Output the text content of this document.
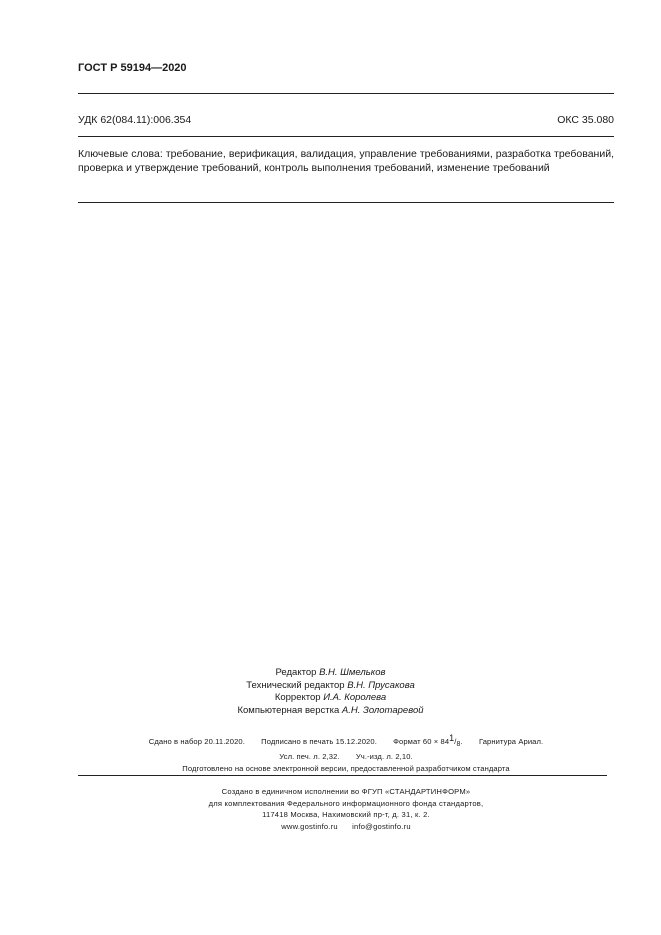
ГОСТ Р 59194—2020
УДК 62(084.11):006.354	ОКС 35.080
Ключевые слова: требование, верификация, валидация, управление требованиями, разработка требований, проверка и утверждение требований, контроль выполнения требований, изменение требований
Редактор В.Н. Шмельков
Технический редактор В.Н. Прусакова
Корректор И.А. Королева
Компьютерная верстка А.Н. Золотаревой
Сдано в набор 20.11.2020. Подписано в печать 15.12.2020. Формат $60 \times 84^1/_8$. Гарнитура Ариал.
Усл. печ. л. 2,32. Уч.-изд. л. 2,10.
Подготовлено на основе электронной версии, предоставленной разработчиком стандарта
Создано в единичном исполнении во ФГУП «СТАНДАРТИНФОРМ»
для комплектования Федерального информационного фонда стандартов,
117418 Москва, Нахимовский пр-т, д. 31, к. 2.
www.gostinfo.ru info@gostinfo.ru
